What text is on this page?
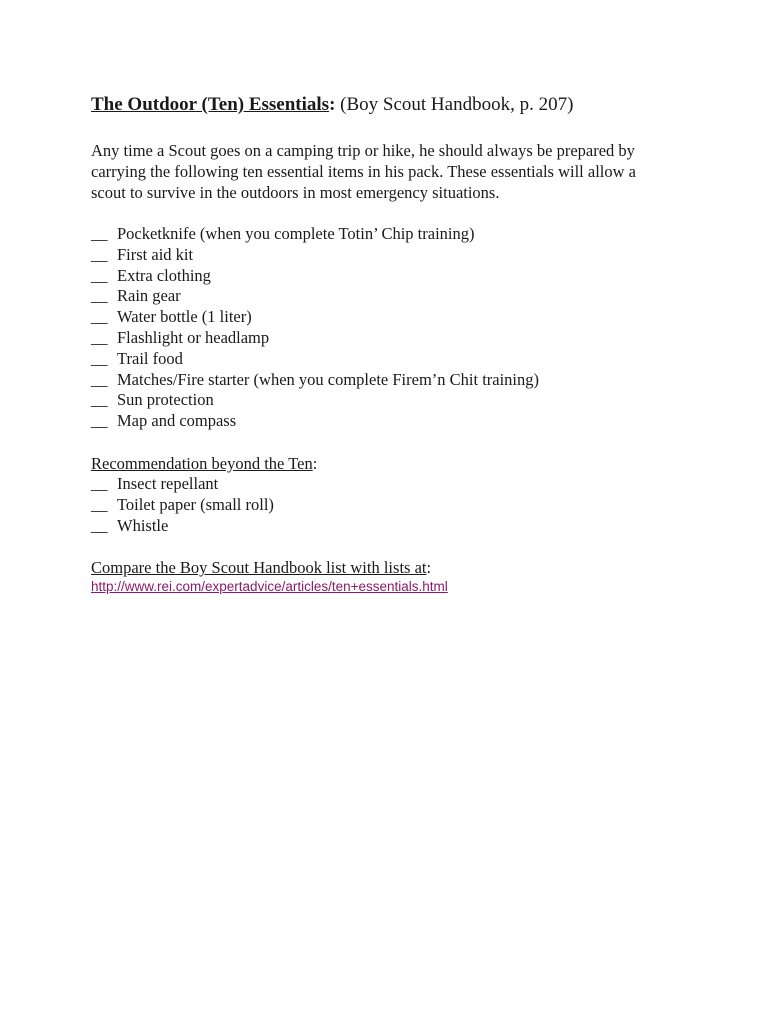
The Outdoor (Ten) Essentials: (Boy Scout Handbook, p. 207)

Any time a Scout goes on a camping trip or hike, he should always be prepared by
carrying the following ten essential items in his pack. These essentials will allow a
scout to survive in the outdoors in most emergency situations.
__ Pocketknife (when you complete Totin’ Chip training)
__ First aid kit
__ Extra clothing
__ Rain gear
__ Water bottle (1 liter)
__ Flashlight or headlamp
__ Trail food
__ Matches/Fire starter (when you complete Firem’n Chit training)
__ Sun protection
__ Map and compass
Recommendation beyond the Ten:
__ Insect repellant
__ Toilet paper (small roll)
__ Whistle
Compare the Boy Scout Handbook list with lists at:
http://www.rei.com/expertadvice/articles/ten+essentials.html
